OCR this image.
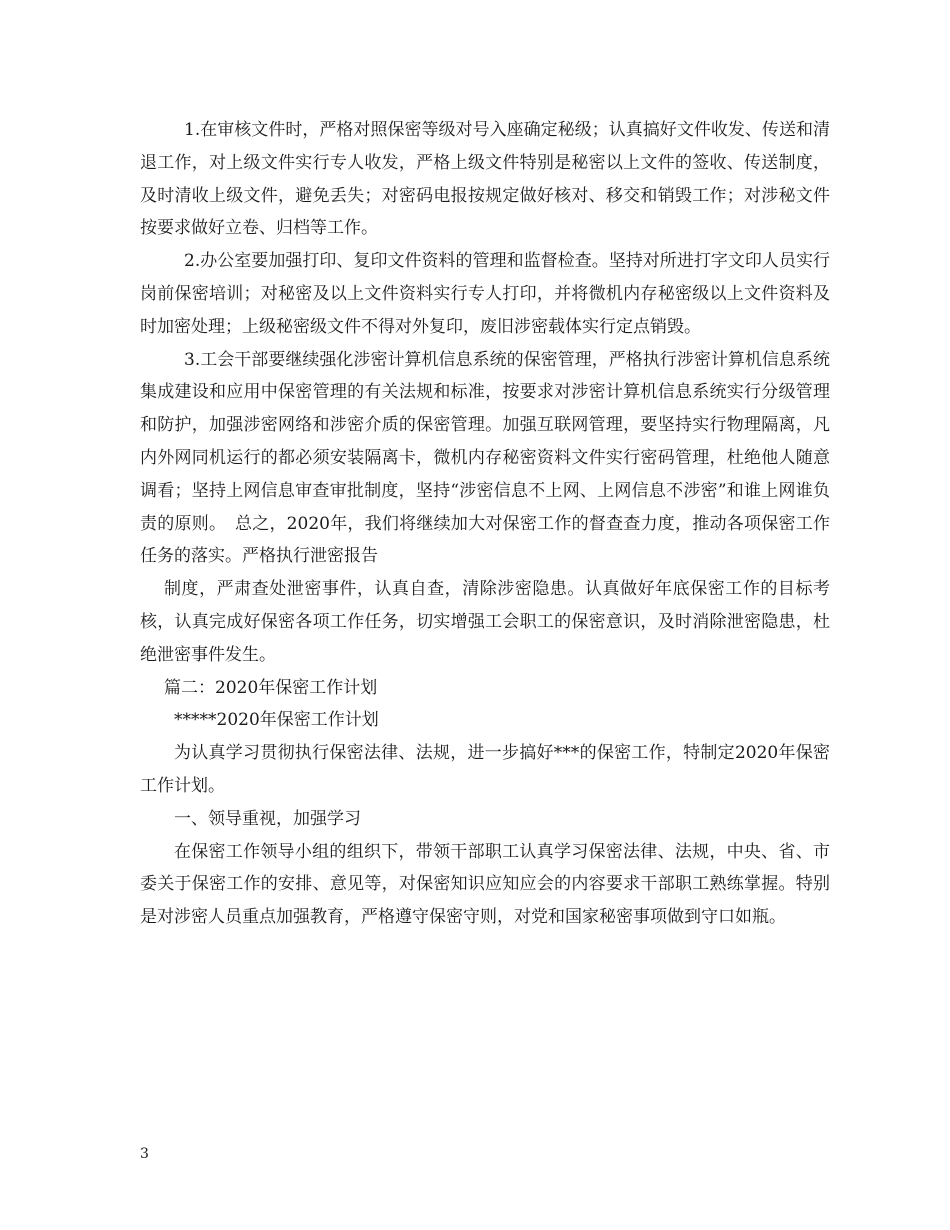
1.在审核文件时，严格对照保密等级对号入座确定秘级；认真搞好文件收发、传送和清退工作，对上级文件实行专人收发，严格上级文件特别是秘密以上文件的签收、传送制度，及时清收上级文件，避免丢失；对密码电报按规定做好核对、移交和销毁工作；对涉秘文件按要求做好立卷、归档等工作。

2.办公室要加强打印、复印文件资料的管理和监督检查。坚持对所进打字文印人员实行岗前保密培训；对秘密及以上文件资料实行专人打印，并将微机内存秘密级以上文件资料及时加密处理；上级秘密级文件不得对外复印，废旧涉密载体实行定点销毁。

3.工会干部要继续强化涉密计算机信息系统的保密管理，严格执行涉密计算机信息系统集成建设和应用中保密管理的有关法规和标准，按要求对涉密计算机信息系统实行分级管理和防护，加强涉密网络和涉密介质的保密管理。加强互联网管理，要坚持实行物理隔离，凡内外网同机运行的都必须安装隔离卡，微机内存秘密资料文件实行密码管理，杜绝他人随意调看；坚持上网信息审查审批制度，坚持“涉密信息不上网、上网信息不涉密”和谁上网谁负责的原则。　总之，2020年，我们将继续加大对保密工作的督查查力度，推动各项保密工作任务的落实。严格执行泄密报告

制度，严肃查处泄密事件，认真自查，清除涉密隐患。认真做好年底保密工作的目标考核，认真完成好保密各项工作任务，切实增强工会职工的保密意识，及时消除泄密隐患，杜绝泄密事件发生。

篇二：2020年保密工作计划

*****2020年保密工作计划

为认真学习贯彻执行保密法律、法规，进一步搞好***的保密工作，特制定2020年保密工作计划。

一、领导重视，加强学习

在保密工作领导小组的组织下，带领干部职工认真学习保密法律、法规，中央、省、市委关于保密工作的安排、意见等，对保密知识应知应会的内容要求干部职工熟练掌握。特别是对涉密人员重点加强教育，严格遵守保密守则，对党和国家秘密事项做到守口如瓶。

3
